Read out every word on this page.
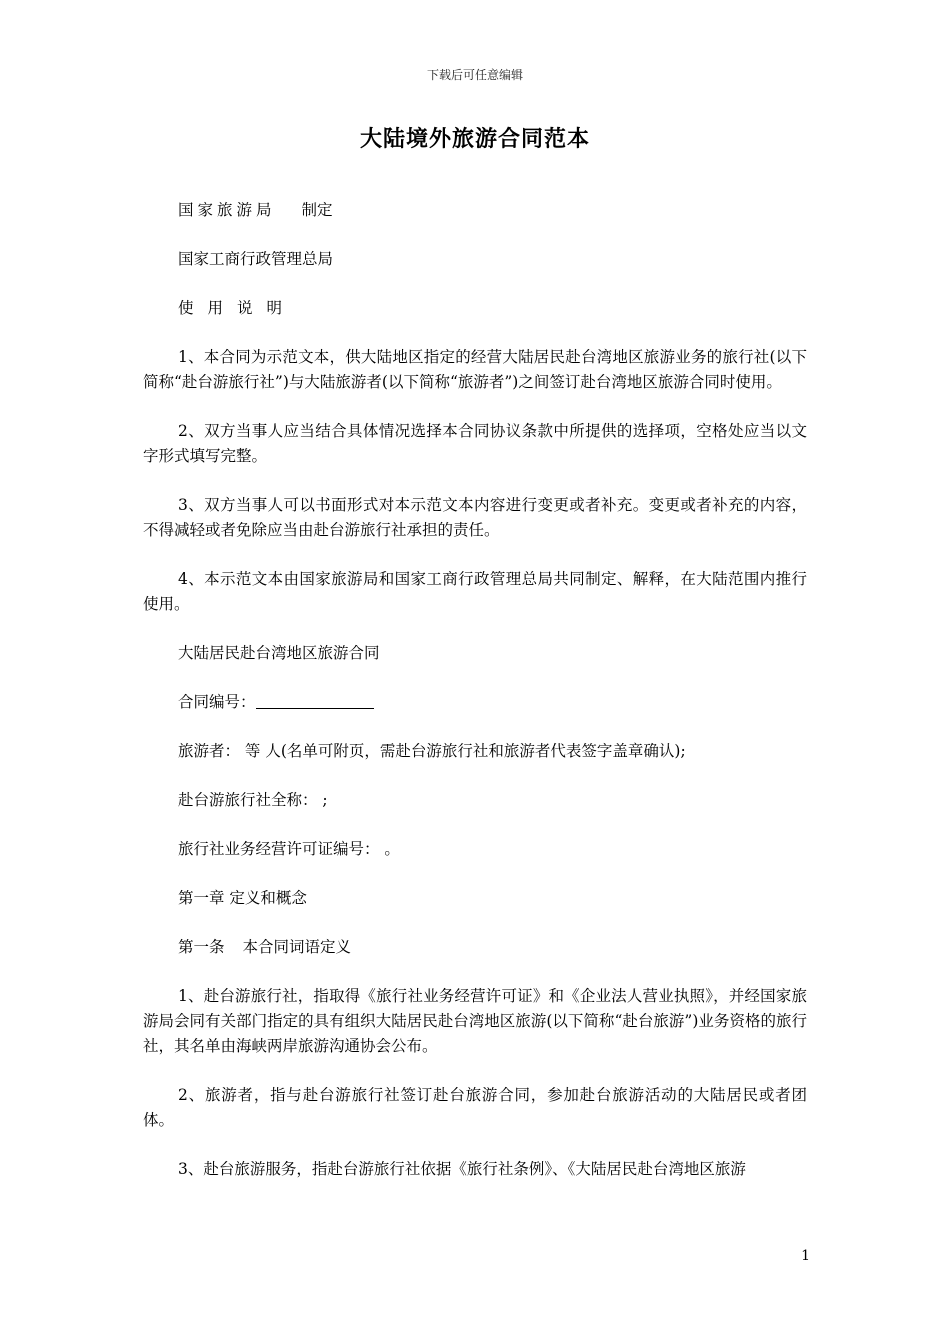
下载后可任意编辑
大陆境外旅游合同范本

国家旅游局 制定

国家工商行政管理总局

使用说明

1、本合同为示范文本，供大陆地区指定的经营大陆居民赴台湾地区旅游业务的旅行社(以下简称“赴台游旅行社”)与大陆旅游者(以下简称“旅游者”)之间签订赴台湾地区旅游合同时使用。

2、双方当事人应当结合具体情况选择本合同协议条款中所提供的选择项，空格处应当以文字形式填写完整。

3、双方当事人可以书面形式对本示范文本内容进行变更或者补充。变更或者补充的内容，不得减轻或者免除应当由赴台游旅行社承担的责任。

4、本示范文本由国家旅游局和国家工商行政管理总局共同制定、解释，在大陆范围内推行使用。

大陆居民赴台湾地区旅游合同

合同编号：

旅游者： 等 人(名单可附页，需赴台游旅行社和旅游者代表签字盖章确认);

赴台游旅行社全称： ;

旅行社业务经营许可证编号： 。

第一章 定义和概念

第一条 本合同词语定义

1、赴台游旅行社，指取得《旅行社业务经营许可证》和《企业法人营业执照》，并经国家旅游局会同有关部门指定的具有组织大陆居民赴台湾地区旅游(以下简称“赴台旅游”)业务资格的旅行社，其名单由海峡两岸旅游沟通协会公布。

2、旅游者，指与赴台游旅行社签订赴台旅游合同，参加赴台旅游活动的大陆居民或者团体。

3、赴台旅游服务，指赴台游旅行社依据《旅行社条例》、《大陆居民赴台湾地区旅游

1
